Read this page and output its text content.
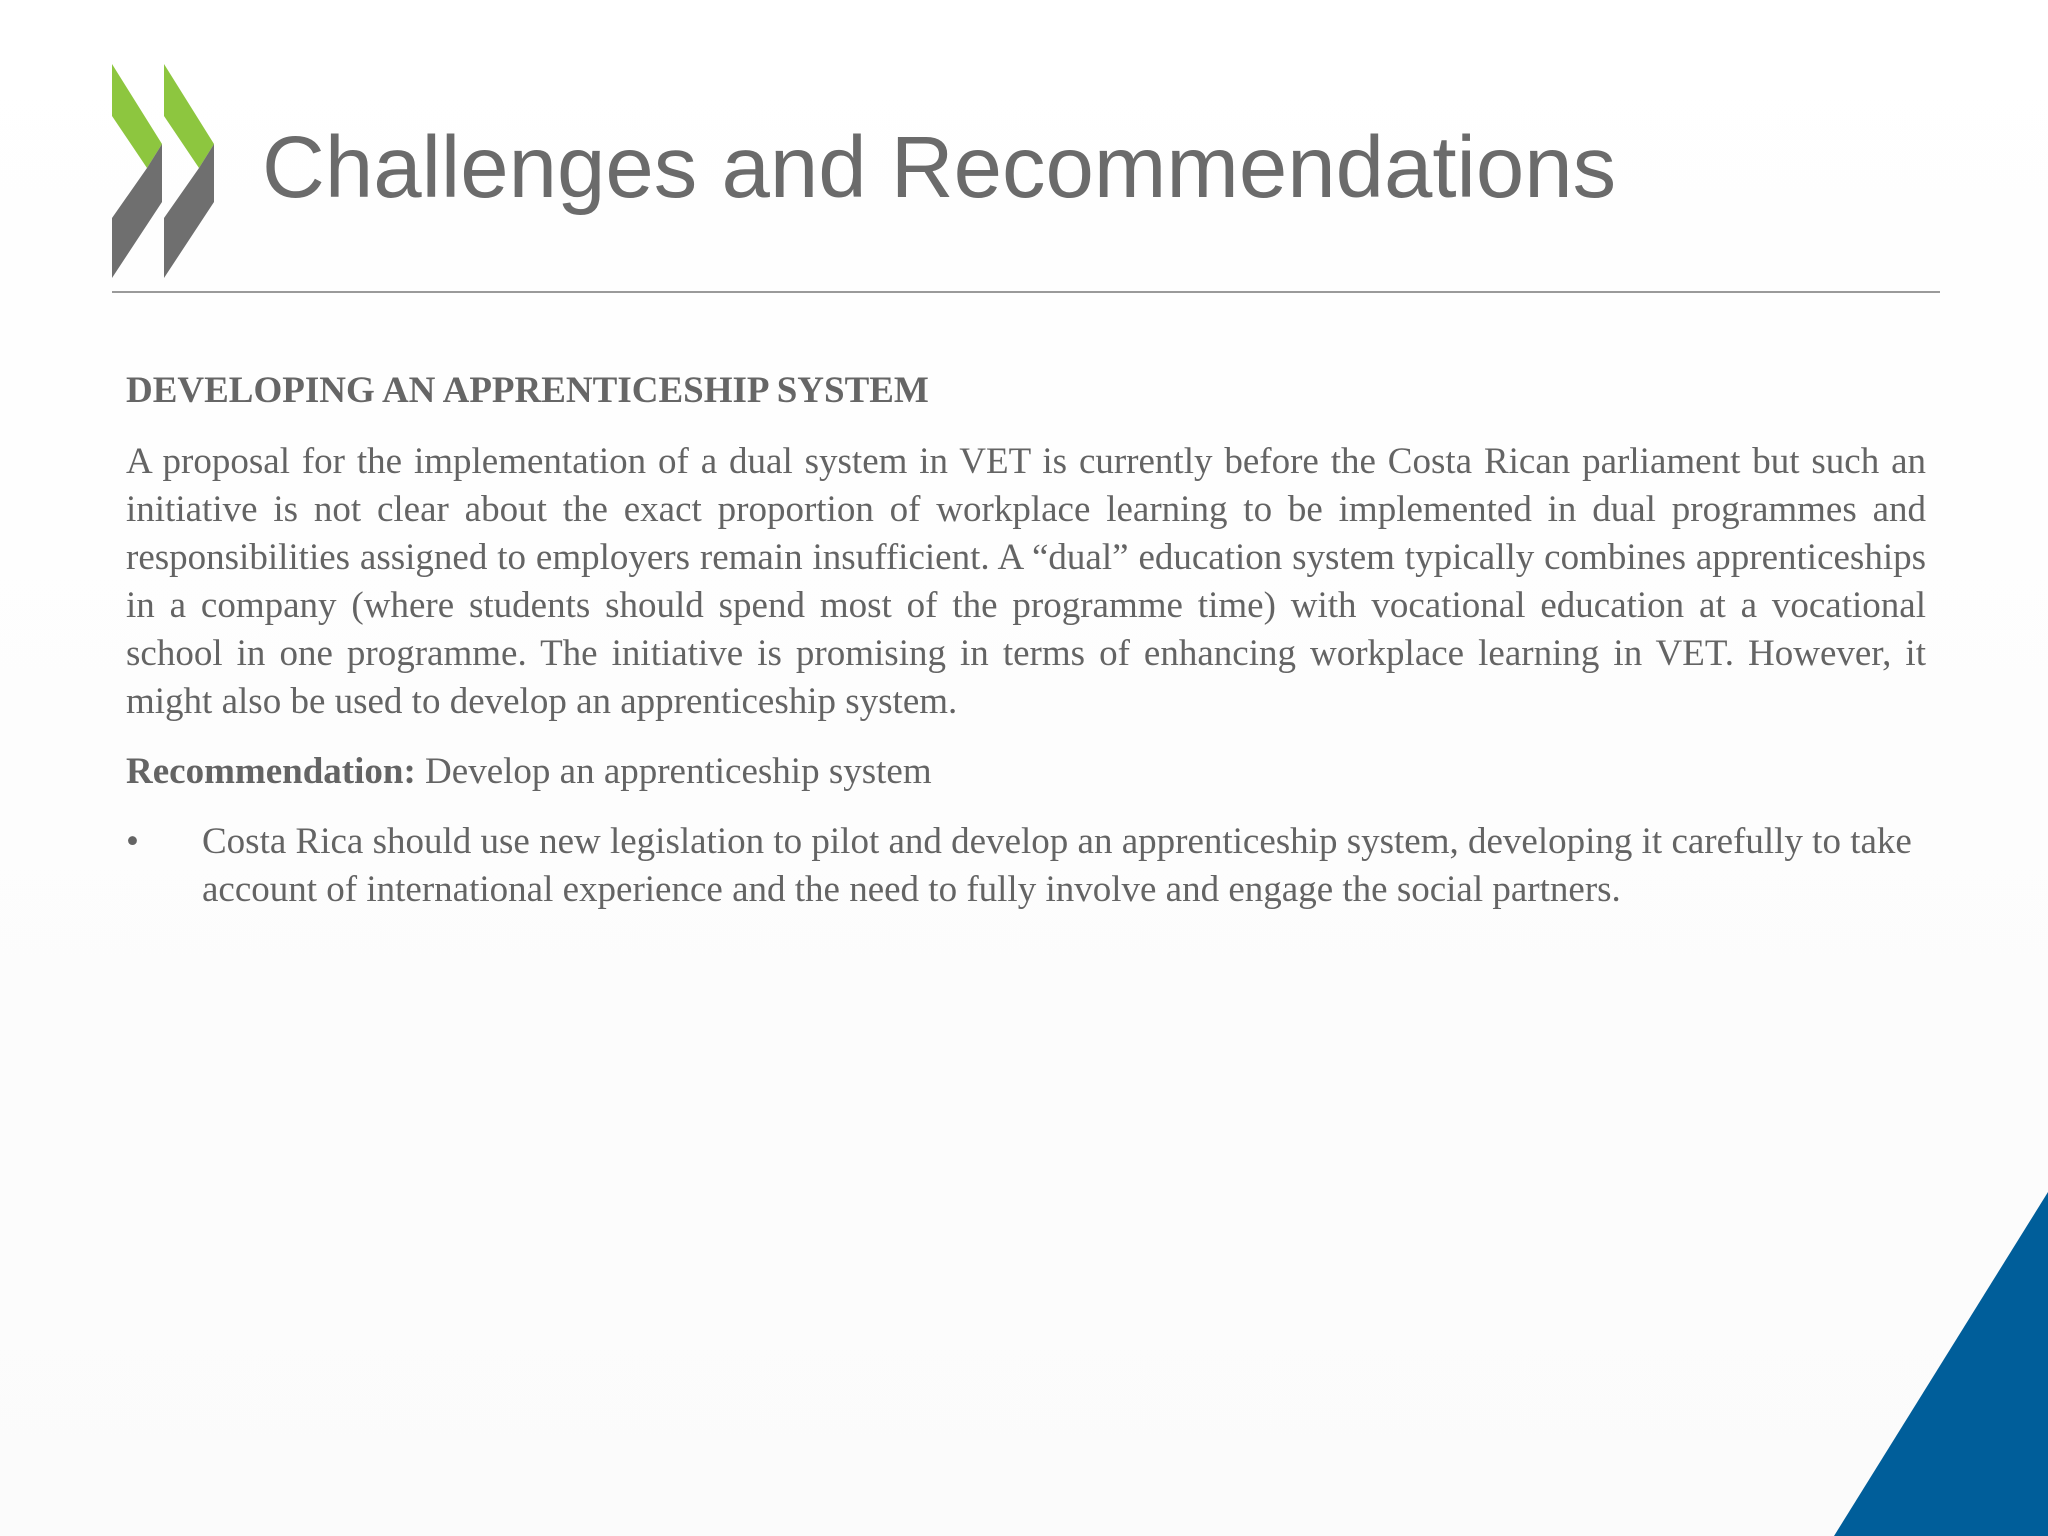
Challenges and Recommendations

DEVELOPING AN APPRENTICESHIP SYSTEM

A proposal for the implementation of a dual system in VET is currently before the Costa Rican parliament but such an initiative is not clear about the exact proportion of workplace learning to be implemented in dual programmes and responsibilities assigned to employers remain insufficient. A “dual” education system typically combines apprenticeships in a company (where students should spend most of the programme time) with vocational education at a vocational school in one programme. The initiative is promising in terms of enhancing workplace learning in VET. However, it might also be used to develop an apprenticeship system.

Recommendation: Develop an apprenticeship system

•	Costa Rica should use new legislation to pilot and develop an apprenticeship system, developing it carefully to take account of international experience and the need to fully involve and engage the social partners.
